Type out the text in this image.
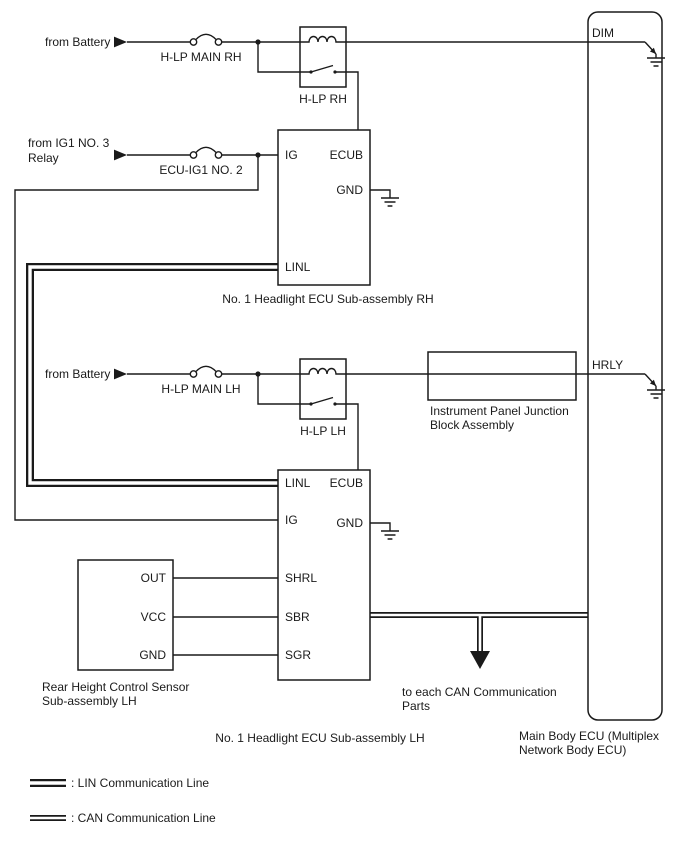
from Battery
H-LP MAIN RH
H-LP RH
from IG1 NO. 3
Relay
ECU-IG1 NO. 2
IG	ECUB
GND
LINL
No. 1 Headlight ECU Sub-assembly RH
from Battery
H-LP MAIN LH
H-LP LH
Instrument Panel Junction
Block Assembly
LINL ECUB
IG	GND
SHRL
SBR
SGR
No. 1 Headlight ECU Sub-assembly LH
OUT
VCC
GND
Rear Height Control Sensor
Sub-assembly LH
to each CAN Communication
Parts
DIM
HRLY
Main Body ECU (Multiplex
Network Body ECU)
: LIN Communication Line
: CAN Communication Line
